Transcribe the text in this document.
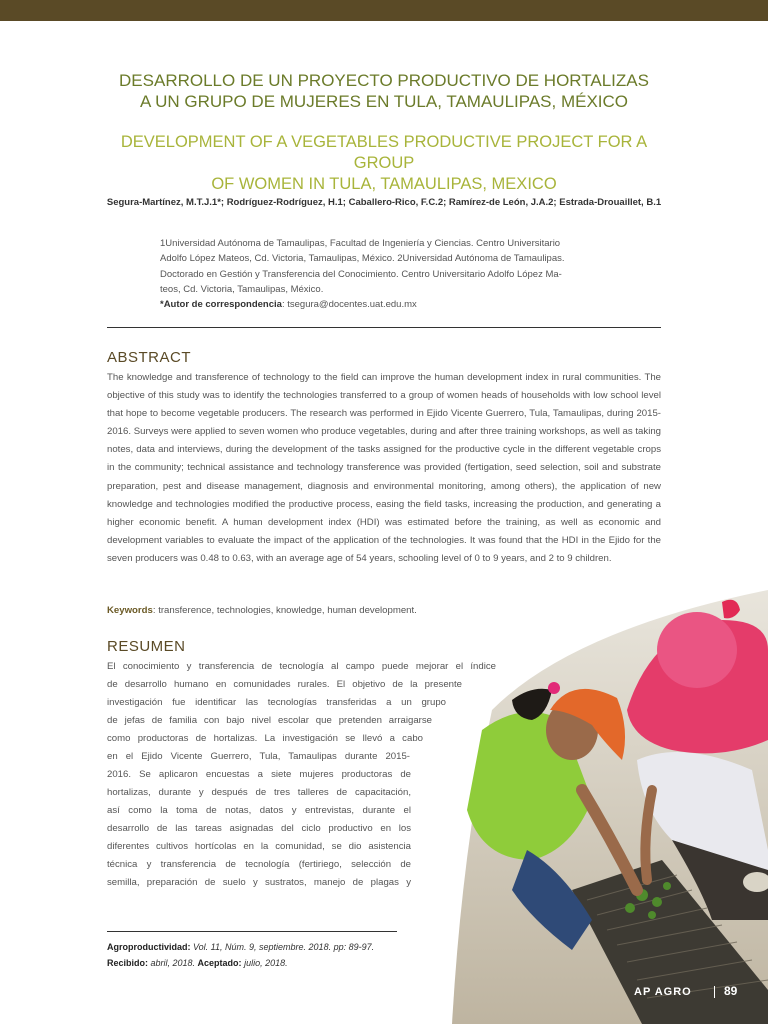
DESARROLLO DE UN PROYECTO PRODUCTIVO DE HORTALIZAS
A UN GRUPO DE MUJERES EN TULA, TAMAULIPAS, MÉXICO
DEVELOPMENT OF A VEGETABLES PRODUCTIVE PROJECT FOR A GROUP
OF WOMEN IN TULA, TAMAULIPAS, MEXICO
Segura-Martínez, M.T.J.1*; Rodríguez-Rodríguez, H.1; Caballero-Rico, F.C.2; Ramírez-de León, J.A.2; Estrada-Drouaillet, B.1
1Universidad Autónoma de Tamaulipas, Facultad de Ingeniería y Ciencias. Centro Universitario
Adolfo López Mateos, Cd. Victoria, Tamaulipas, México. 2Universidad Autónoma de Tamaulipas.
Doctorado en Gestión y Transferencia del Conocimiento. Centro Universitario Adolfo López Ma-
teos, Cd. Victoria, Tamaulipas, México.
*Autor de correspondencia: tsegura@docentes.uat.edu.mx
ABSTRACT
The knowledge and transference of technology to the field can improve the human development index in rural communities. The objective of this study was to identify the technologies transferred to a group of women heads of households with low school level that hope to become vegetable producers. The research was performed in Ejido Vicente Guerrero, Tula, Tamaulipas, during 2015-2016. Surveys were applied to seven women who produce vegetables, during and after three training workshops, as well as taking notes, data and interviews, during the development of the tasks assigned for the productive cycle in the different vegetable crops in the community; technical assistance and technology transference was provided (fertigation, seed selection, soil and substrate preparation, pest and disease management, diagnosis and environmental monitoring, among others), the application of new knowledge and technologies modified the productive process, easing the field tasks, increasing the production, and generating a higher economic benefit. A human development index (HDI) was estimated before the training, as well as economic and development variables to evaluate the impact of the application of the technologies. It was found that the HDI in the Ejido for the seven producers was 0.48 to 0.63, with an average age of 54 years, schooling level of 0 to 9 years, and 2 to 9 children.
Keywords: transference, technologies, knowledge, human development.
RESUMEN
El conocimiento y transferencia de tecnología al campo puede mejorar el índice
de desarrollo humano en comunidades rurales. El objetivo de la presente
investigación fue identificar las tecnologías transferidas a un grupo
de jefas de familia con bajo nivel escolar que pretenden arraigarse
como productoras de hortalizas. La investigación se llevó a cabo
en el Ejido Vicente Guerrero, Tula, Tamaulipas durante 2015-
2016. Se aplicaron encuestas a siete mujeres productoras de
hortalizas, durante y después de tres talleres de capacitación,
así como la toma de notas, datos y entrevistas, durante el
desarrollo de las tareas asignadas del ciclo productivo en los
diferentes cultivos hortícolas en la comunidad, se dio asistencia
técnica y transferencia de tecnología (fertiriego, selección de
semilla, preparación de suelo y sustratos, manejo de plagas y
Agroproductividad: Vol. 11, Núm. 9, septiembre. 2018. pp: 89-97.
Recibido: abril, 2018. Aceptado: julio, 2018.
AP AGRO	89
